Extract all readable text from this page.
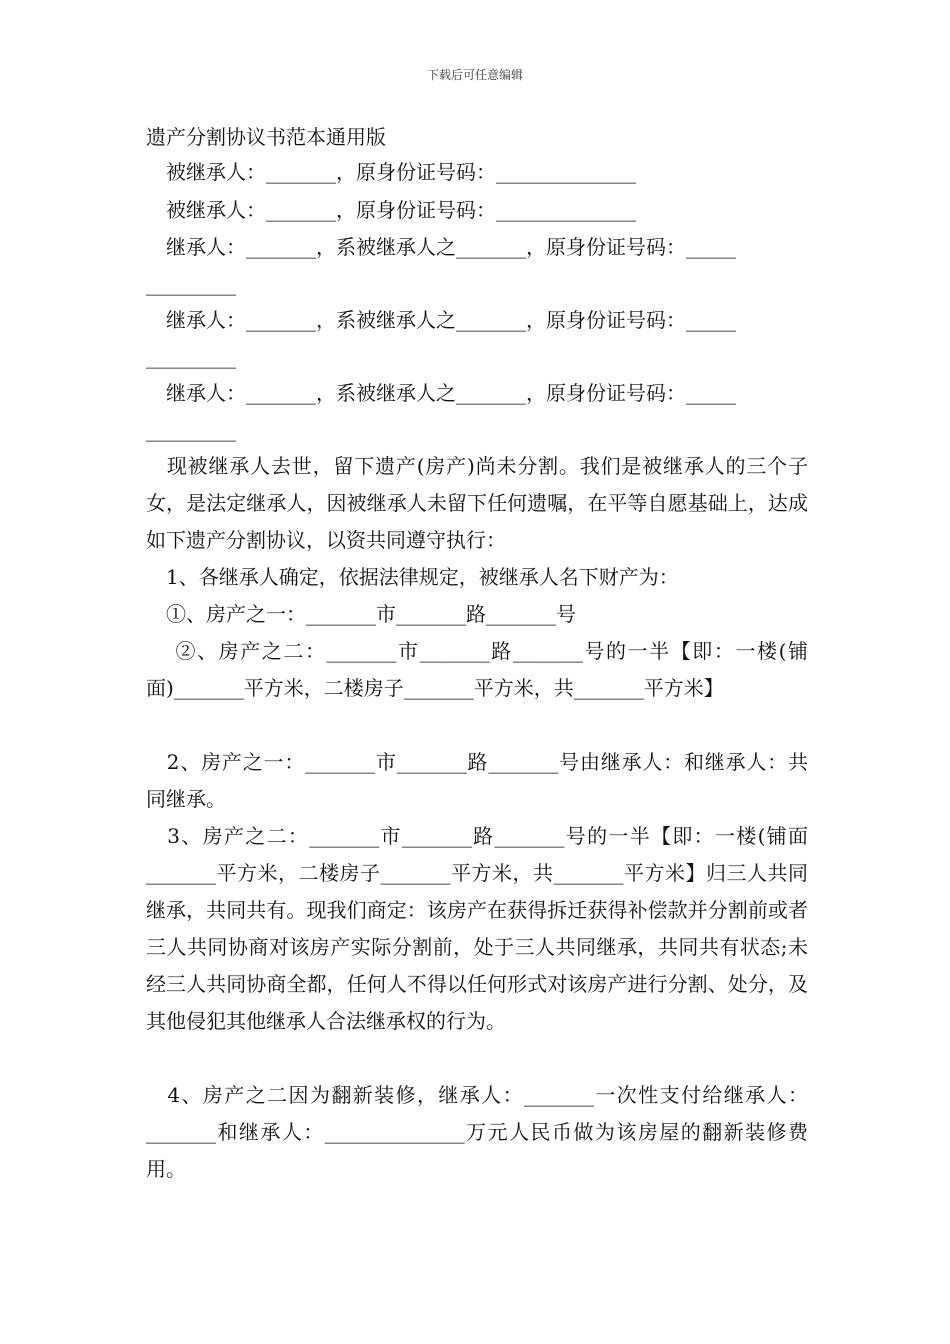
下载后可任意编辑
遗产分割协议书范本通用版
　被继承人：_______，原身份证号码：______________
　被继承人：_______，原身份证号码：______________
　继承人：_______，系被继承人之_______，原身份证号码：_____
_________
　继承人：_______，系被继承人之_______，原身份证号码：_____
_________
　继承人：_______，系被继承人之_______，原身份证号码：_____
_________
　现被继承人去世，留下遗产(房产)尚未分割。我们是被继承人的三个子女，是法定继承人，因被继承人未留下任何遗嘱，在平等自愿基础上，达成如下遗产分割协议，以资共同遵守执行：
　1、各继承人确定，依据法律规定，被继承人名下财产为：
　①、房产之一：_______市_______路_______号
　 ②、房产之二：_______市_______路_______号的一半【即：一楼(铺面)_______平方米，二楼房子_______平方米，共_______平方米】
　2、房产之一：_______市_______路_______号由继承人：和继承人：共同继承。
　3、房产之二：_______市_______路_______号的一半【即：一楼(铺面_______平方米，二楼房子_______平方米，共_______平方米】归三人共同继承，共同共有。现我们商定：该房产在获得拆迁获得补偿款并分割前或者三人共同协商对该房产实际分割前，处于三人共同继承，共同共有状态;未经三人共同协商全都，任何人不得以任何形式对该房产进行分割、处分，及其他侵犯其他继承人合法继承权的行为。
　4、房产之二因为翻新装修，继承人：_______一次性支付给继承人：_______和继承人：______________万元人民币做为该房屋的翻新装修费用。
